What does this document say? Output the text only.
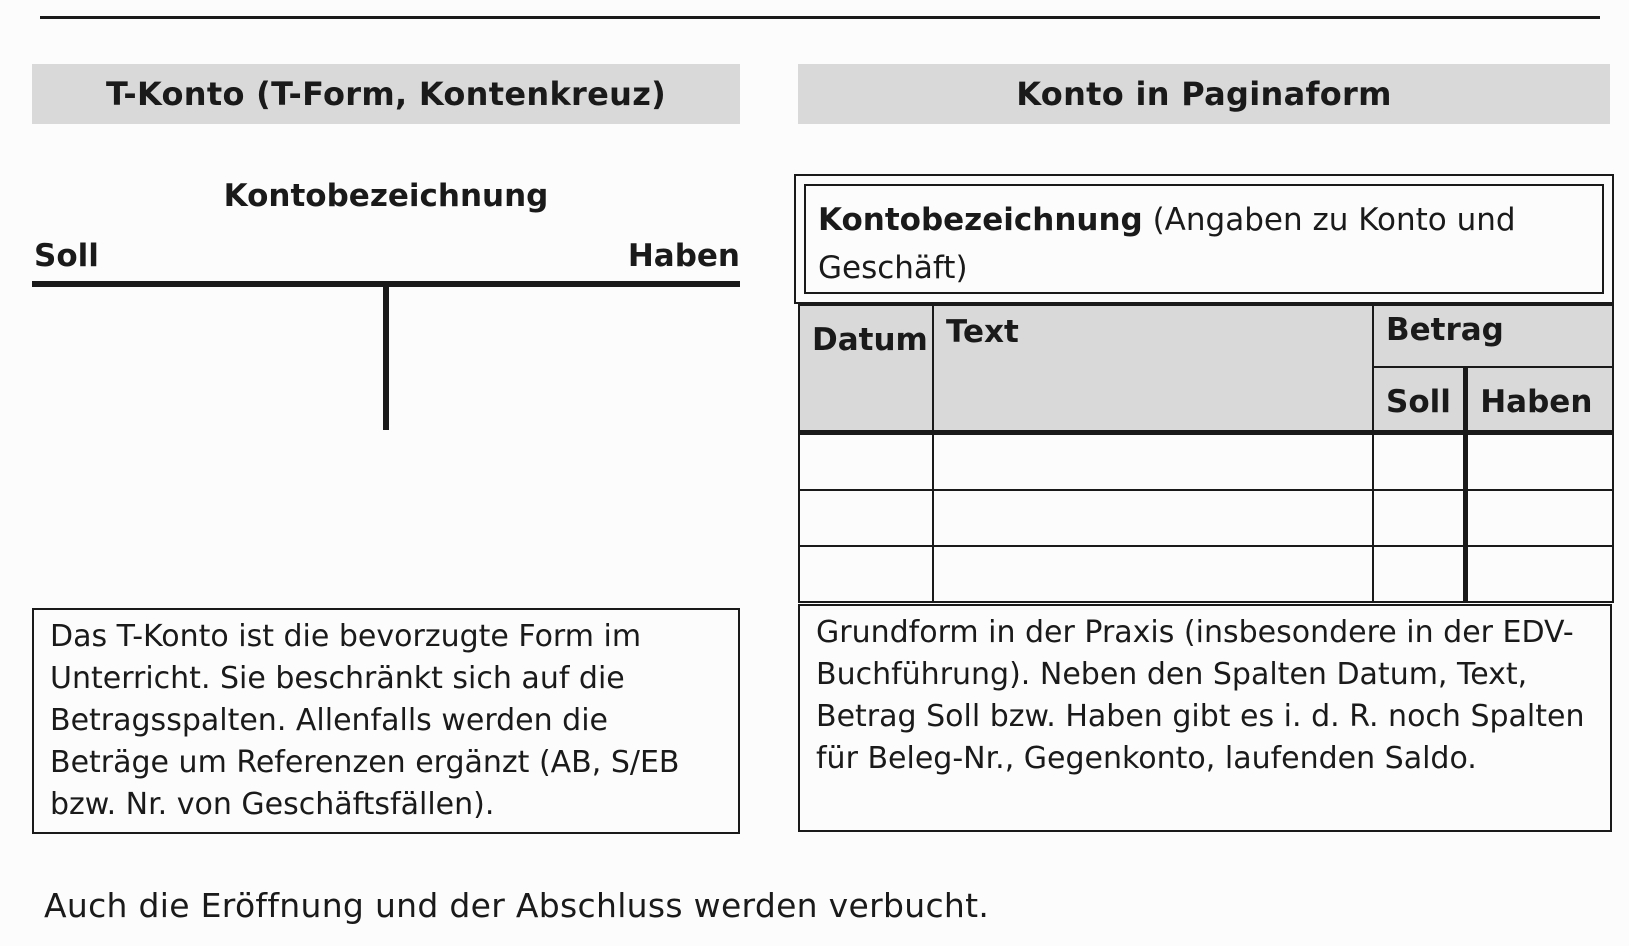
T-Konto (T-Form, Kontenkreuz)
Kontobezeichnung
Soll	Haben
Konto in Paginaform
Kontobezeichnung (Angaben zu Konto und Geschäft)
Datum	Text	Betrag	
		Soll	Haben

Das T-Konto ist die bevorzugte Form im Unterricht. Sie beschränkt sich auf die Betragsspalten. Allenfalls werden die Beträge um Referenzen ergänzt (AB, S/EB bzw. Nr. von Geschäftsfällen).
Grundform in der Praxis (insbesondere in der EDV-Buchführung). Neben den Spalten Datum, Text, Betrag Soll bzw. Haben gibt es i. d. R. noch Spalten für Beleg-Nr., Gegenkonto, laufenden Saldo.
Auch die Eröffnung und der Abschluss werden verbucht.
